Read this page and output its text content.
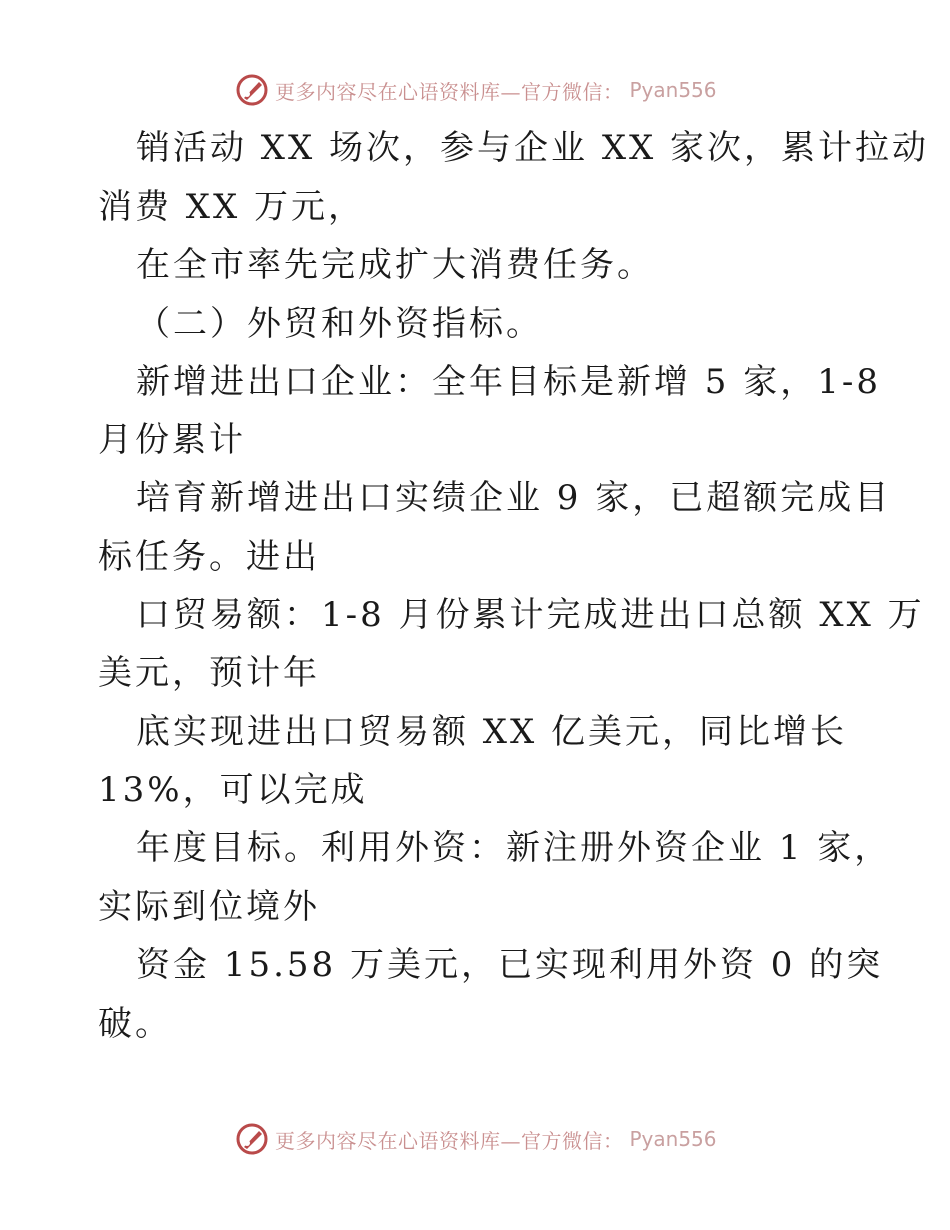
更多内容尽在心语资料库—官方微信： Pyan556
销活动 XX 场次，参与企业 XX 家次，累计拉动
消费 XX 万元，
在全市率先完成扩大消费任务。
（二）外贸和外资指标。
新增进出口企业：全年目标是新增 5 家，1-8
月份累计
培育新增进出口实绩企业 9 家，已超额完成目
标任务。进出
口贸易额：1-8 月份累计完成进出口总额 XX 万
美元，预计年
底实现进出口贸易额 XX 亿美元，同比增长
13%，可以完成
年度目标。利用外资：新注册外资企业 1 家，
实际到位境外
资金 15.58 万美元，已实现利用外资 0 的突
破。
更多内容尽在心语资料库—官方微信： Pyan556
